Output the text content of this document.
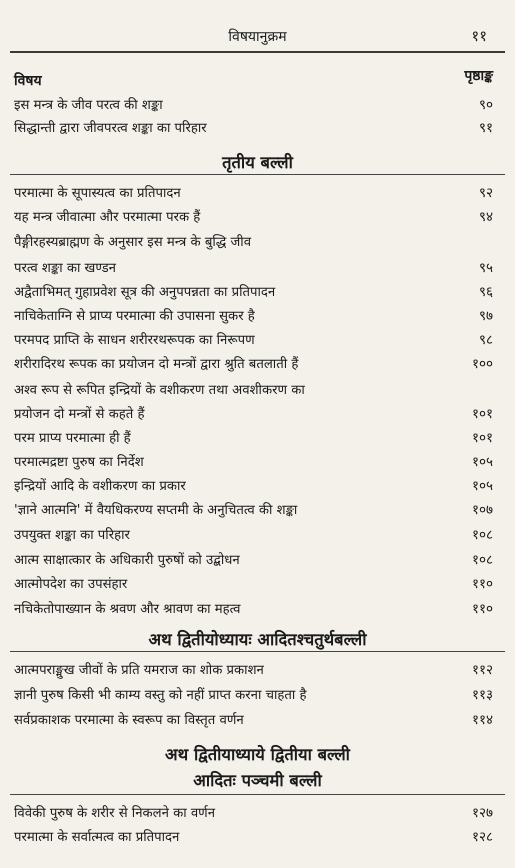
विषयानुक्रम	११
विषय	पृष्ठाङ्क
इस मन्त्र के जीव परत्व की शङ्का	९०
सिद्धान्ती द्वारा जीवपरत्व शङ्का का परिहार	९१
तृतीय बल्ली
परमात्मा के सूपास्यत्व का प्रतिपादन	९२
यह मन्त्र जीवात्मा और परमात्मा परक हैं	९४
पैङ्गीरहस्यब्राह्मण के अनुसार इस मन्त्र के बुद्धि जीव
परत्व शङ्का का खण्डन	९५
अद्वैताभिमत् गुहाप्रवेश सूत्र की अनुपपन्नता का प्रतिपादन	९६
नाचिकेताग्नि से प्राप्य परमात्मा की उपासना सुकर है	९७
परमपद प्राप्ति के साधन शरीररथरूपक का निरूपण	९८
शरीरादिरथ रूपक का प्रयोजन दो मन्त्रों द्वारा श्रुति बतलाती हैं	१००
अश्व रूप से रूपित इन्द्रियों के वशीकरण तथा अवशीकरण का
प्रयोजन दो मन्त्रों से कहते हैं	१०१
परम प्राप्य परमात्मा ही हैं	१०१
परमात्मद्रष्टा पुरुष का निर्देश	१०५
इन्द्रियों आदि के वशीकरण का प्रकार	१०५
'ज्ञाने आत्मनि' में वैयधिकरण्य सप्तमी के अनुचितत्व की शङ्का	१०७
उपयुक्त शङ्का का परिहार	१०८
आत्म साक्षात्कार के अधिकारी पुरुषों को उद्बोधन	१०८
आत्मोपदेश का उपसंहार	११०
नचिकेतोपाख्यान के श्रवण और श्रावण का महत्व	११०
अथ द्वितीयोध्यायः आदितश्चतुर्थबल्ली
आत्मपराङ्मुख जीवों के प्रति यमराज का शोक प्रकाशन	११२
ज्ञानी पुरुष किसी भी काम्य वस्तु को नहीं प्राप्त करना चाहता है	११३
सर्वप्रकाशक परमात्मा के स्वरूप का विस्तृत वर्णन	११४
अथ द्वितीयाध्याये द्वितीया बल्ली
आदितः पञ्चमी बल्ली
विवेकी पुरुष के शरीर से निकलने का वर्णन	१२७
परमात्मा के सर्वात्मत्व का प्रतिपादन	१२८
